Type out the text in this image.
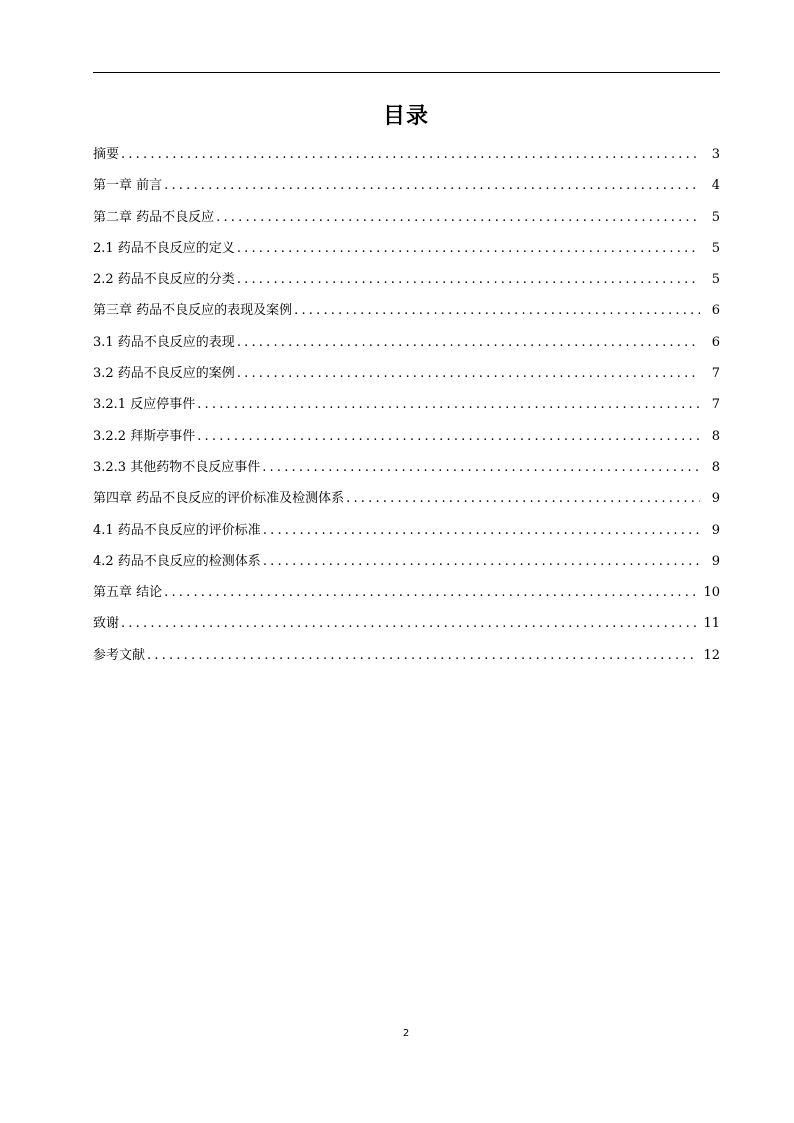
目录
摘要 .....	3
第一章 前言 .....	4
第二章 药品不良反应 .....	5
2.1 药品不良反应的定义 .....	5
2.2 药品不良反应的分类 .....	5
第三章 药品不良反应的表现及案例 .....	6
3.1 药品不良反应的表现 .....	6
3.2 药品不良反应的案例 .....	7
3.2.1 反应停事件 .....	7
3.2.2 拜斯亭事件 .....	8
3.2.3 其他药物不良反应事件 .....	8
第四章 药品不良反应的评价标准及检测体系 .....	9
4.1 药品不良反应的评价标准 .....	9
4.2 药品不良反应的检测体系 .....	9
第五章 结论 .....	10
致谢 .....	11
参考文献 .....	12
2
